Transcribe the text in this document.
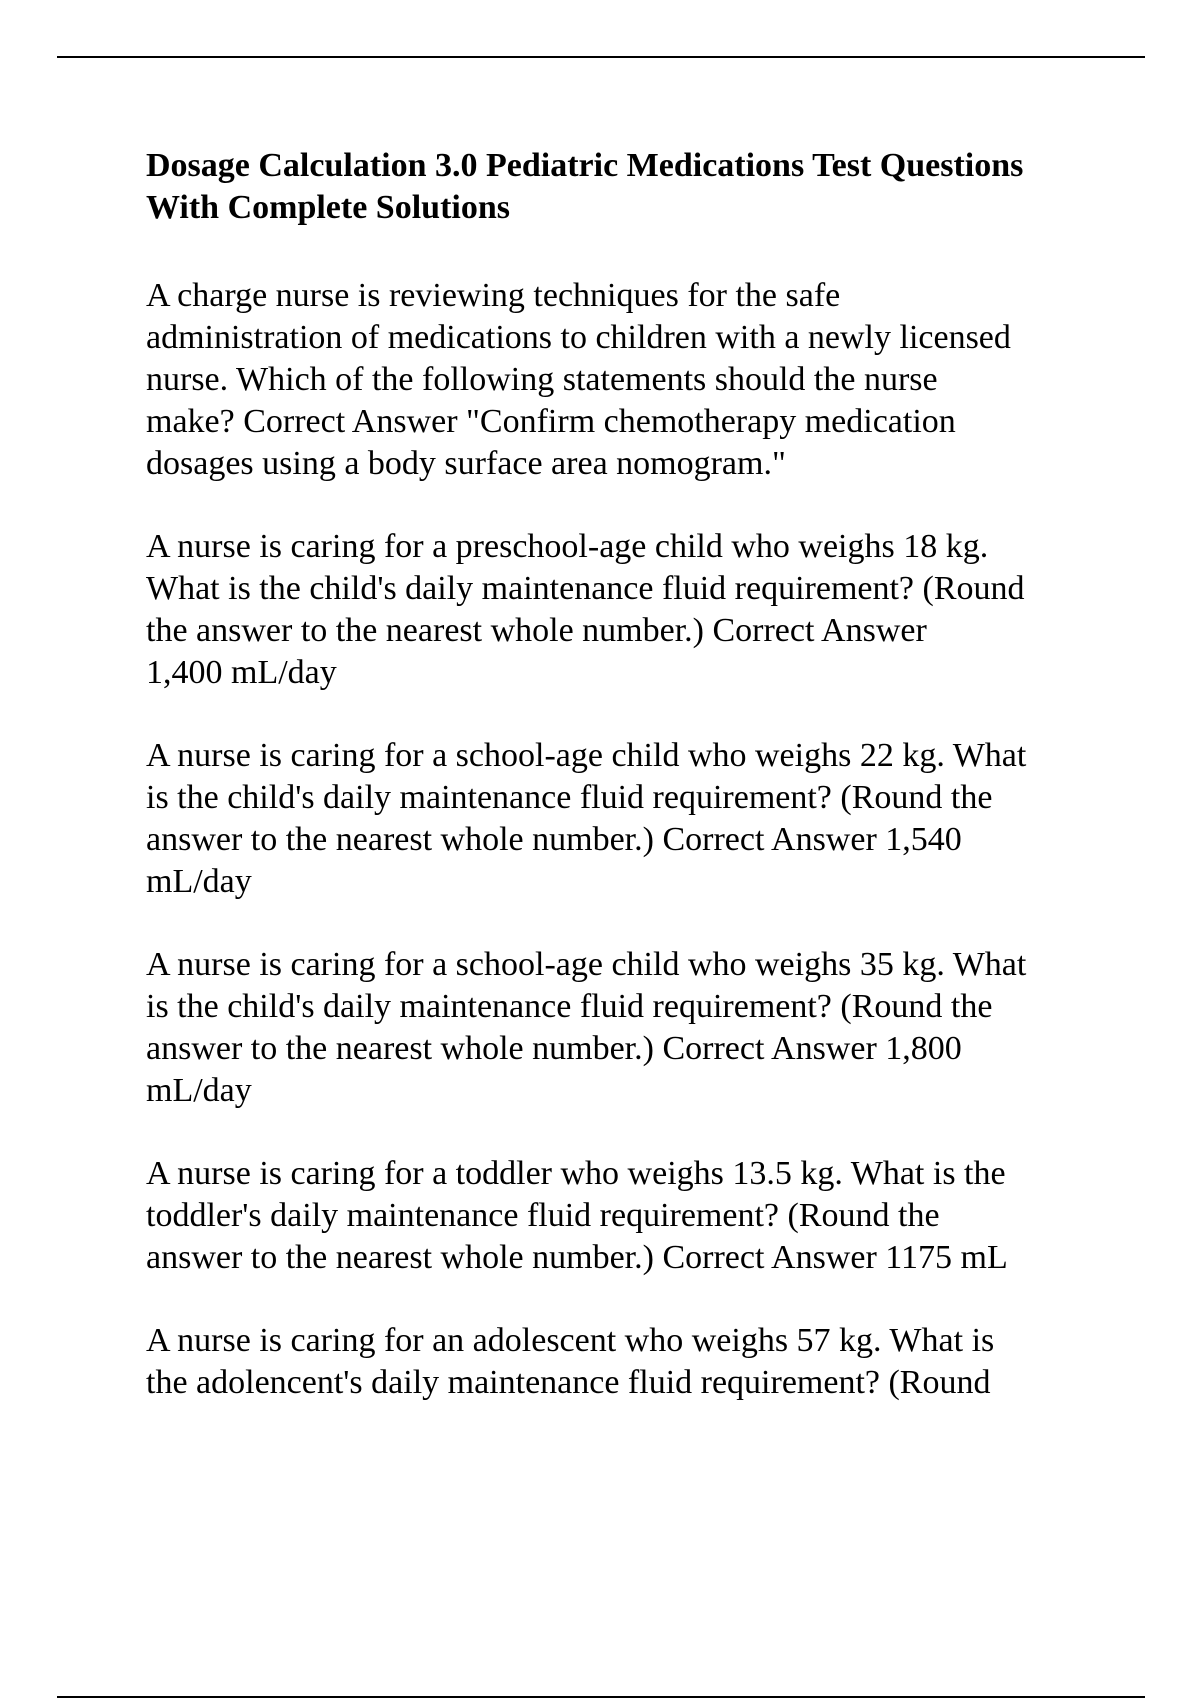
Dosage Calculation 3.0 Pediatric Medications Test Questions
With Complete Solutions

A charge nurse is reviewing techniques for the safe
administration of medications to children with a newly licensed
nurse. Which of the following statements should the nurse
make? Correct Answer "Confirm chemotherapy medication
dosages using a body surface area nomogram."

A nurse is caring for a preschool-age child who weighs 18 kg.
What is the child's daily maintenance fluid requirement? (Round
the answer to the nearest whole number.) Correct Answer
1,400 mL/day

A nurse is caring for a school-age child who weighs 22 kg. What
is the child's daily maintenance fluid requirement? (Round the
answer to the nearest whole number.) Correct Answer 1,540
mL/day

A nurse is caring for a school-age child who weighs 35 kg. What
is the child's daily maintenance fluid requirement? (Round the
answer to the nearest whole number.) Correct Answer 1,800
mL/day

A nurse is caring for a toddler who weighs 13.5 kg. What is the
toddler's daily maintenance fluid requirement? (Round the
answer to the nearest whole number.) Correct Answer 1175 mL

A nurse is caring for an adolescent who weighs 57 kg. What is
the adolencent's daily maintenance fluid requirement? (Round
